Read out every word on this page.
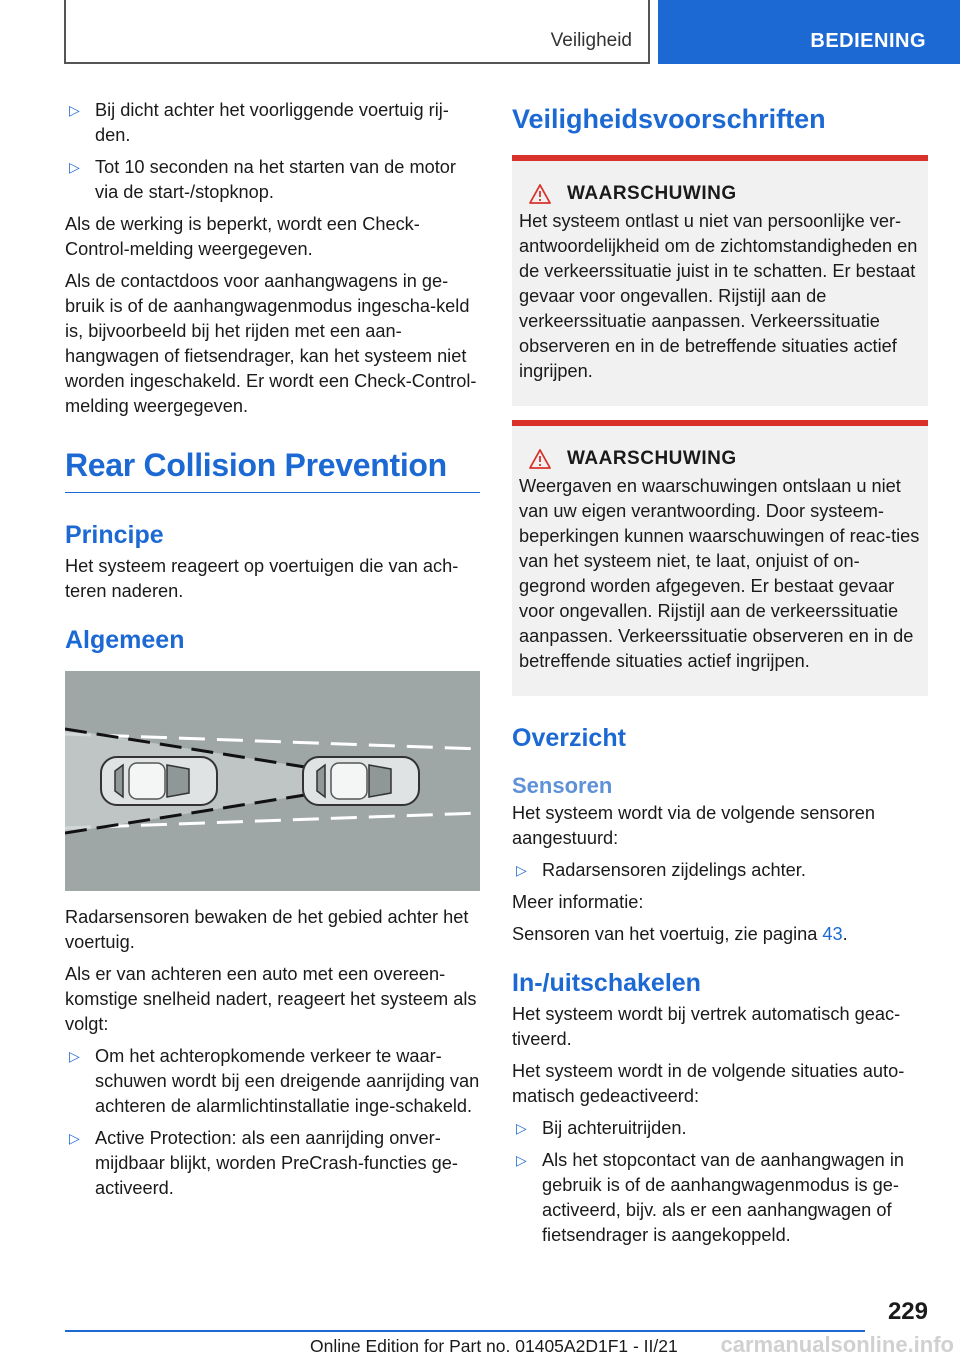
Veiligheid	BEDIENING
▷ Bij dicht achter het voorliggende voertuig rij-den.
▷ Tot 10 seconden na het starten van de motor via de start-/stopknop.

Als de werking is beperkt, wordt een Check-Control-melding weergegeven.

Als de contactdoos voor aanhangwagens in ge-bruik is of de aanhangwagenmodus ingescha-keld is, bijvoorbeeld bij het rijden met een aan-hangwagen of fietsendrager, kan het systeem niet worden ingeschakeld. Er wordt een Check-Control-melding weergegeven.

Rear Collision Prevention
Principe

Het systeem reageert op voertuigen die van ach-teren naderen.

Algemeen

Radarsensoren bewaken de het gebied achter het voertuig.

Als er van achteren een auto met een overeen-komstige snelheid nadert, reageert het systeem als volgt:

▷ Om het achteropkomende verkeer te waar-schuwen wordt bij een dreigende aanrijding van achteren de alarmlichtinstallatie inge-schakeld.
▷ Active Protection: als een aanrijding onver-mijdbaar blijkt, worden PreCrash-functies ge-activeerd.
Veiligheidsvoorschriften
WAARSCHUWING

Het systeem ontlast u niet van persoonlijke ver-antwoordelijkheid om de zichtomstandigheden en de verkeerssituatie juist in te schatten. Er bestaat gevaar voor ongevallen. Rijstijl aan de verkeerssituatie aanpassen. Verkeerssituatie observeren en in de betreffende situaties actief ingrijpen.

WAARSCHUWING

Weergaven en waarschuwingen ontslaan u niet van uw eigen verantwoording. Door systeem-beperkingen kunnen waarschuwingen of reac-ties van het systeem niet, te laat, onjuist of on-gegrond worden afgegeven. Er bestaat gevaar voor ongevallen. Rijstijl aan de verkeerssituatie aanpassen. Verkeerssituatie observeren en in de betreffende situaties actief ingrijpen.

Overzicht
Sensoren

Het systeem wordt via de volgende sensoren aangestuurd:

▷ Radarsensoren zijdelings achter.

Meer informatie:

Sensoren van het voertuig, zie pagina 43.

In-/uitschakelen

Het systeem wordt bij vertrek automatisch geac-tiveerd.

Het systeem wordt in de volgende situaties auto-matisch gedeactiveerd:

▷ Bij achteruitrijden.
▷ Als het stopcontact van de aanhangwagen in gebruik is of de aanhangwagenmodus is ge-activeerd, bijv. als er een aanhangwagen of fietsendrager is aangekoppeld.
229
Online Edition for Part no. 01405A2D1F1 - II/21 carmanualsonline.info
